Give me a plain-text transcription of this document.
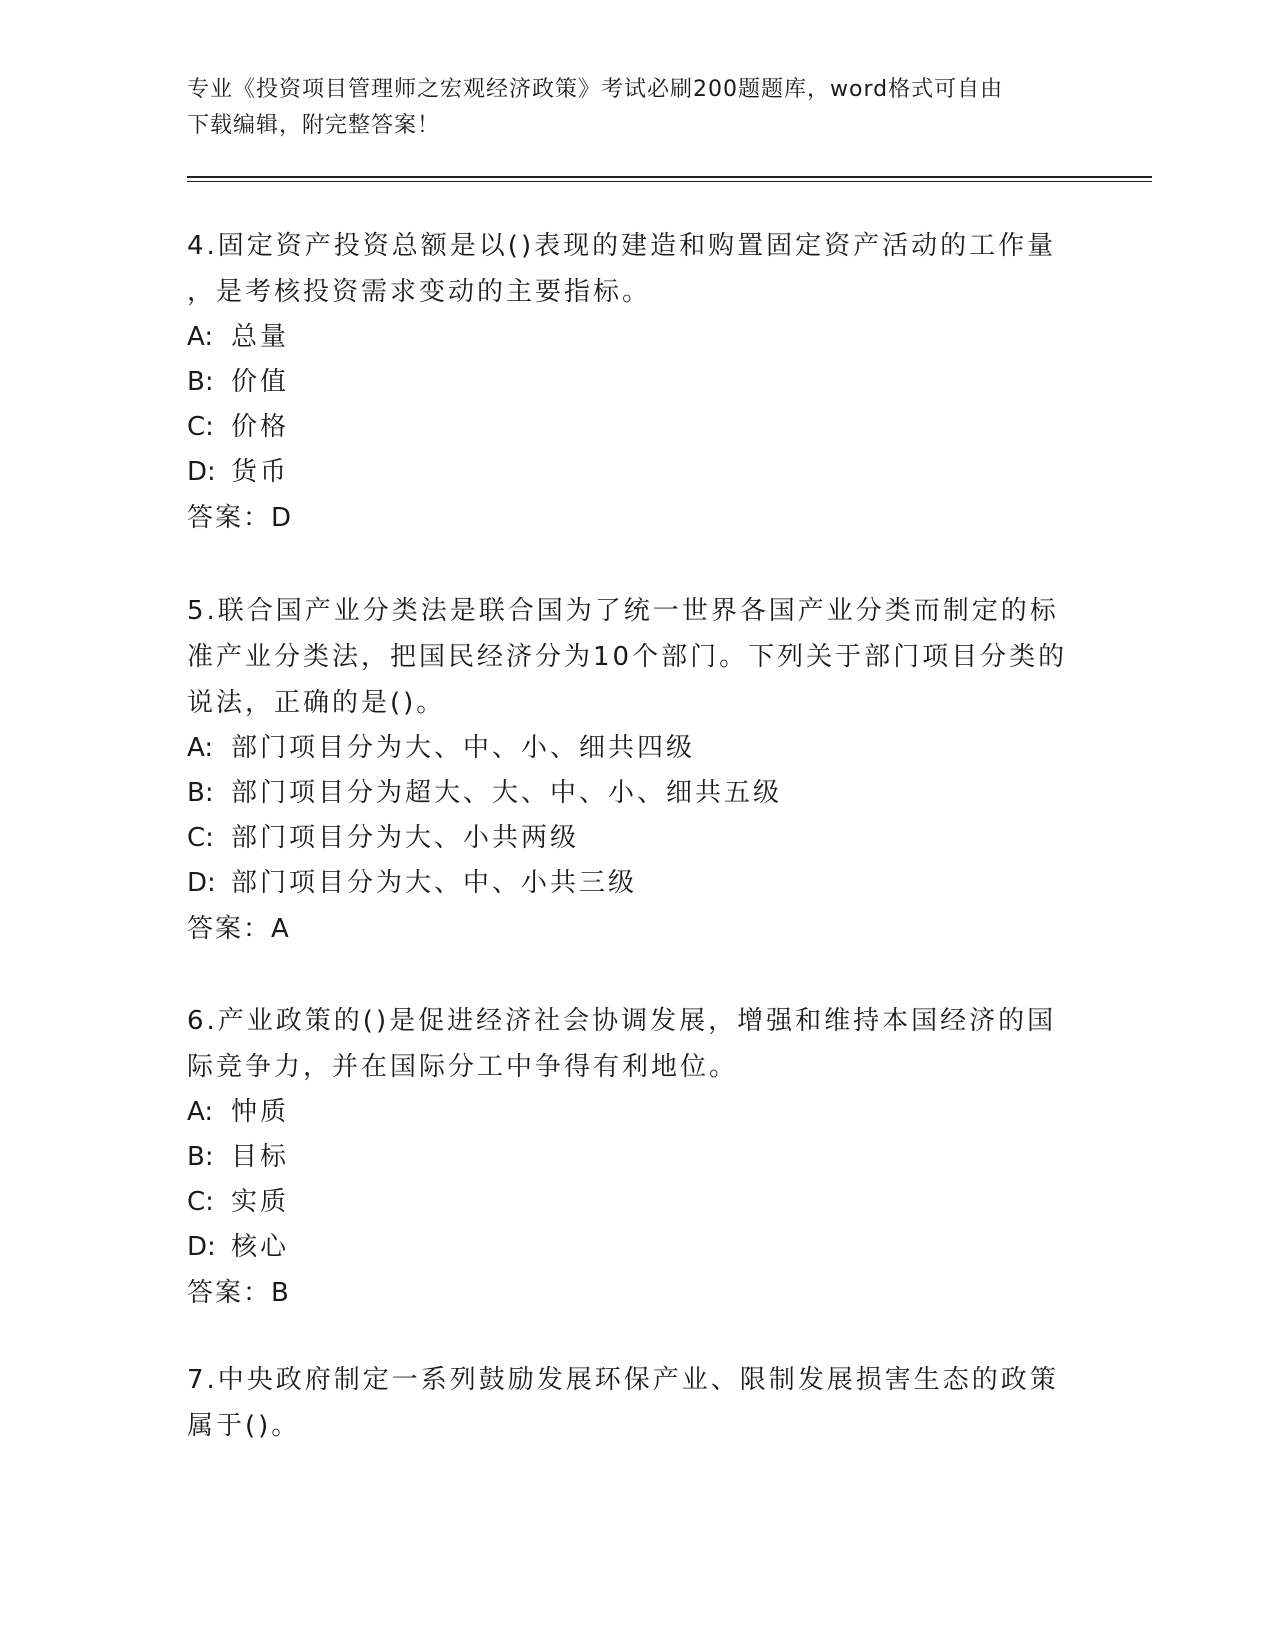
专业《投资项目管理师之宏观经济政策》考试必刷200题题库，word格式可自由

下载编辑，附完整答案！

4.固定资产投资总额是以()表现的建造和购置固定资产活动的工作量

，是考核投资需求变动的主要指标。

A: 总量

B: 价值

C: 价格

D: 货币

答案：D

5.联合国产业分类法是联合国为了统一世界各国产业分类而制定的标

准产业分类法，把国民经济分为10个部门。下列关于部门项目分类的

说法，正确的是()。

A: 部门项目分为大、中、小、细共四级

B: 部门项目分为超大、大、中、小、细共五级

C: 部门项目分为大、小共两级

D: 部门项目分为大、中、小共三级

答案：A

6.产业政策的()是促进经济社会协调发展，增强和维持本国经济的国

际竞争力，并在国际分工中争得有利地位。

A: 忡质

B: 目标

C: 实质

D: 核心

答案：B

7.中央政府制定一系列鼓励发展环保产业、限制发展损害生态的政策

属于()。
